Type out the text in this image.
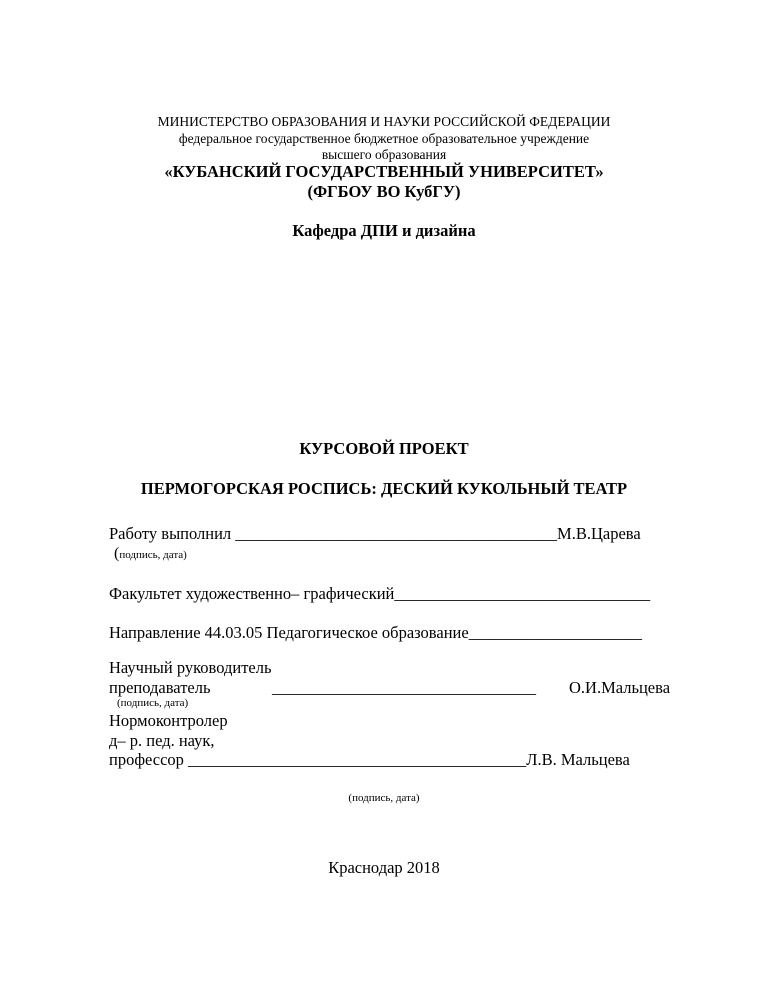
МИНИСТЕРСТВО ОБРАЗОВАНИЯ И НАУКИ РОССИЙСКОЙ ФЕДЕРАЦИИ
федеральное государственное бюджетное образовательное учреждение
высшего образования
«КУБАНСКИЙ ГОСУДАРСТВЕННЫЙ УНИВЕРСИТЕТ»
(ФГБОУ ВО КубГУ)
Кафедра ДПИ и дизайна
КУРСОВОЙ ПРОЕКТ
ПЕРМОГОРСКАЯ РОСПИСЬ: ДЕСКИЙ КУКОЛЬНЫЙ ТЕАТР
Работу выполнил _______________________________________М.В.Царева
(подпись, дата)
Факультет художественно– графический_______________________________
Направление 44.03.05 Педагогическое образование_____________________
Научный руководитель
преподаватель	________________________________ О.И.Мальцева
(подпись, дата)
Нормоконтролер
д– р. пед. наук,
профессор _________________________________________Л.В. Мальцева
(подпись, дата)
Краснодар 2018
